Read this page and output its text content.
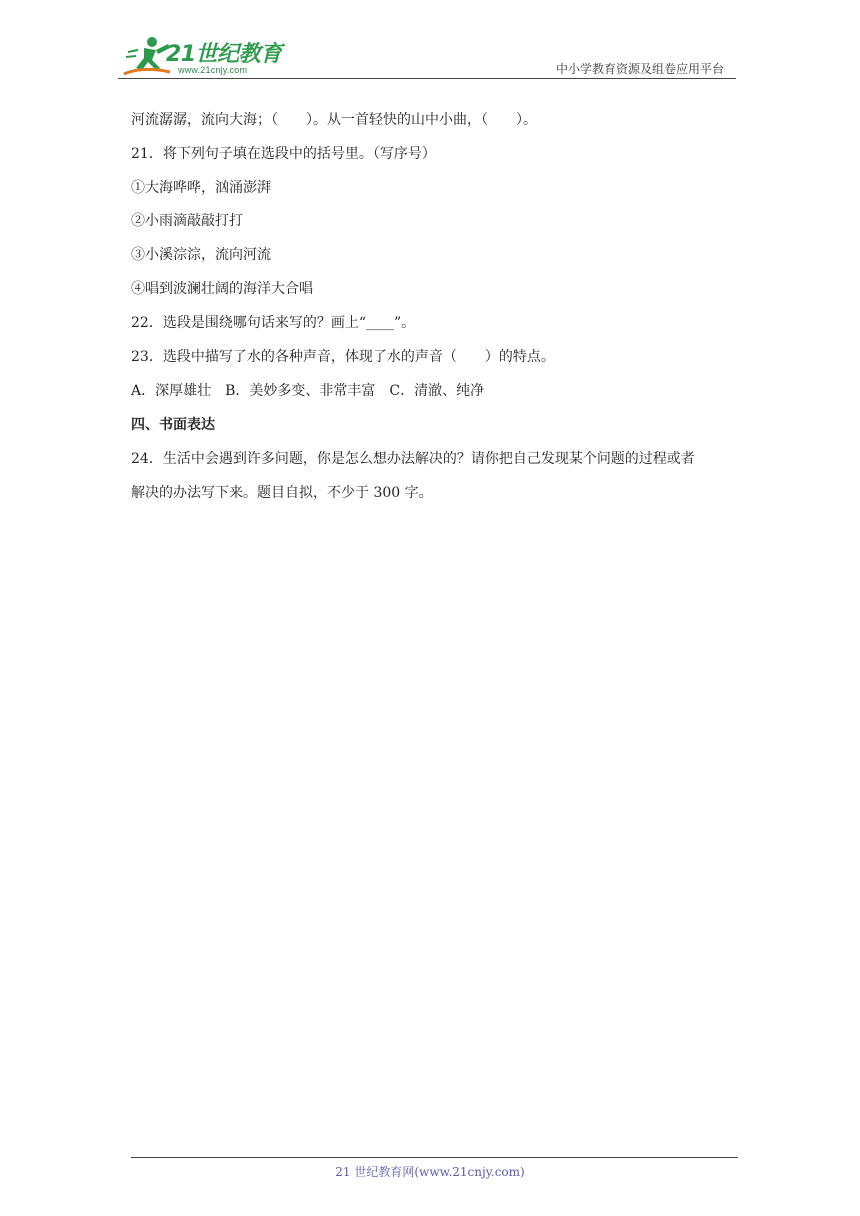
21世纪教育
www.21cnjy.com	中小学教育资源及组卷应用平台
河流潺潺，流向大海；（　　）。从一首轻快的山中小曲，（　　）。
21．将下列句子填在选段中的括号里。（写序号）
①大海哗哗，汹涌澎湃
②小雨滴敲敲打打
③小溪淙淙，流向河流
④唱到波澜壮阔的海洋大合唱
22．选段是围绕哪句话来写的？画上“____”。
23．选段中描写了水的各种声音，体现了水的声音（　　）的特点。
A．深厚雄壮　B．美妙多变、非常丰富　C．清澈、纯净
四、书面表达
24．生活中会遇到许多问题，你是怎么想办法解决的？请你把自己发现某个问题的过程或者
解决的办法写下来。题目自拟，不少于 300 字。
21 世纪教育网(www.21cnjy.com)
